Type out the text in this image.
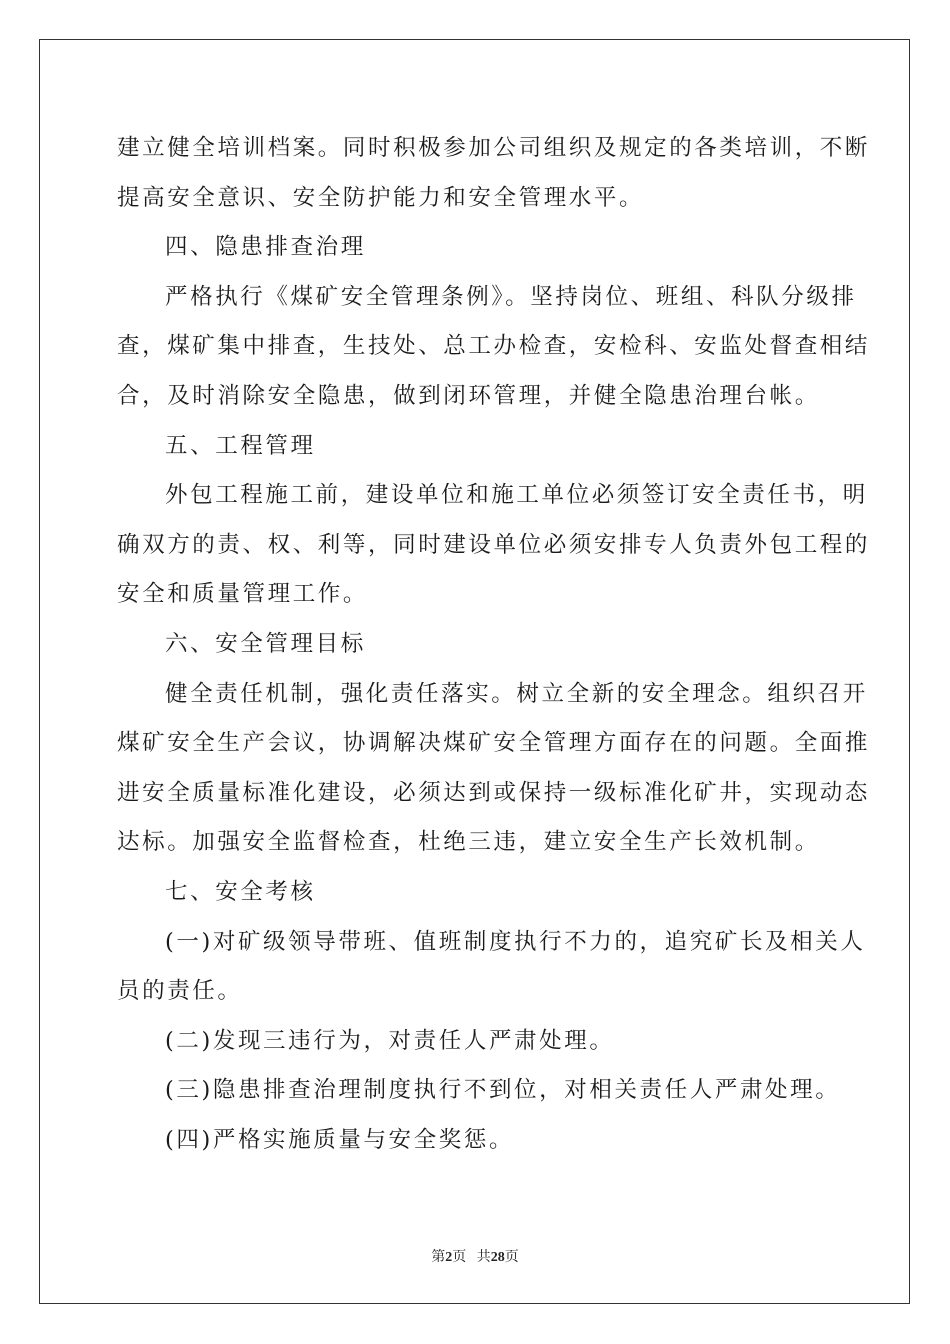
建立健全培训档案。同时积极参加公司组织及规定的各类培训，不断
提高安全意识、安全防护能力和安全管理水平。
四、隐患排查治理
严格执行《煤矿安全管理条例》。坚持岗位、班组、科队分级排
查，煤矿集中排查，生技处、总工办检查，安检科、安监处督查相结
合，及时消除安全隐患，做到闭环管理，并健全隐患治理台帐。
五、工程管理
外包工程施工前，建设单位和施工单位必须签订安全责任书，明
确双方的责、权、利等，同时建设单位必须安排专人负责外包工程的
安全和质量管理工作。
六、安全管理目标
健全责任机制，强化责任落实。树立全新的安全理念。组织召开
煤矿安全生产会议，协调解决煤矿安全管理方面存在的问题。全面推
进安全质量标准化建设，必须达到或保持一级标准化矿井，实现动态
达标。加强安全监督检查，杜绝三违，建立安全生产长效机制。
七、安全考核
(一)对矿级领导带班、值班制度执行不力的，追究矿长及相关人
员的责任。
(二)发现三违行为，对责任人严肃处理。
(三)隐患排查治理制度执行不到位，对相关责任人严肃处理。
(四)严格实施质量与安全奖惩。
第2页 共28页
